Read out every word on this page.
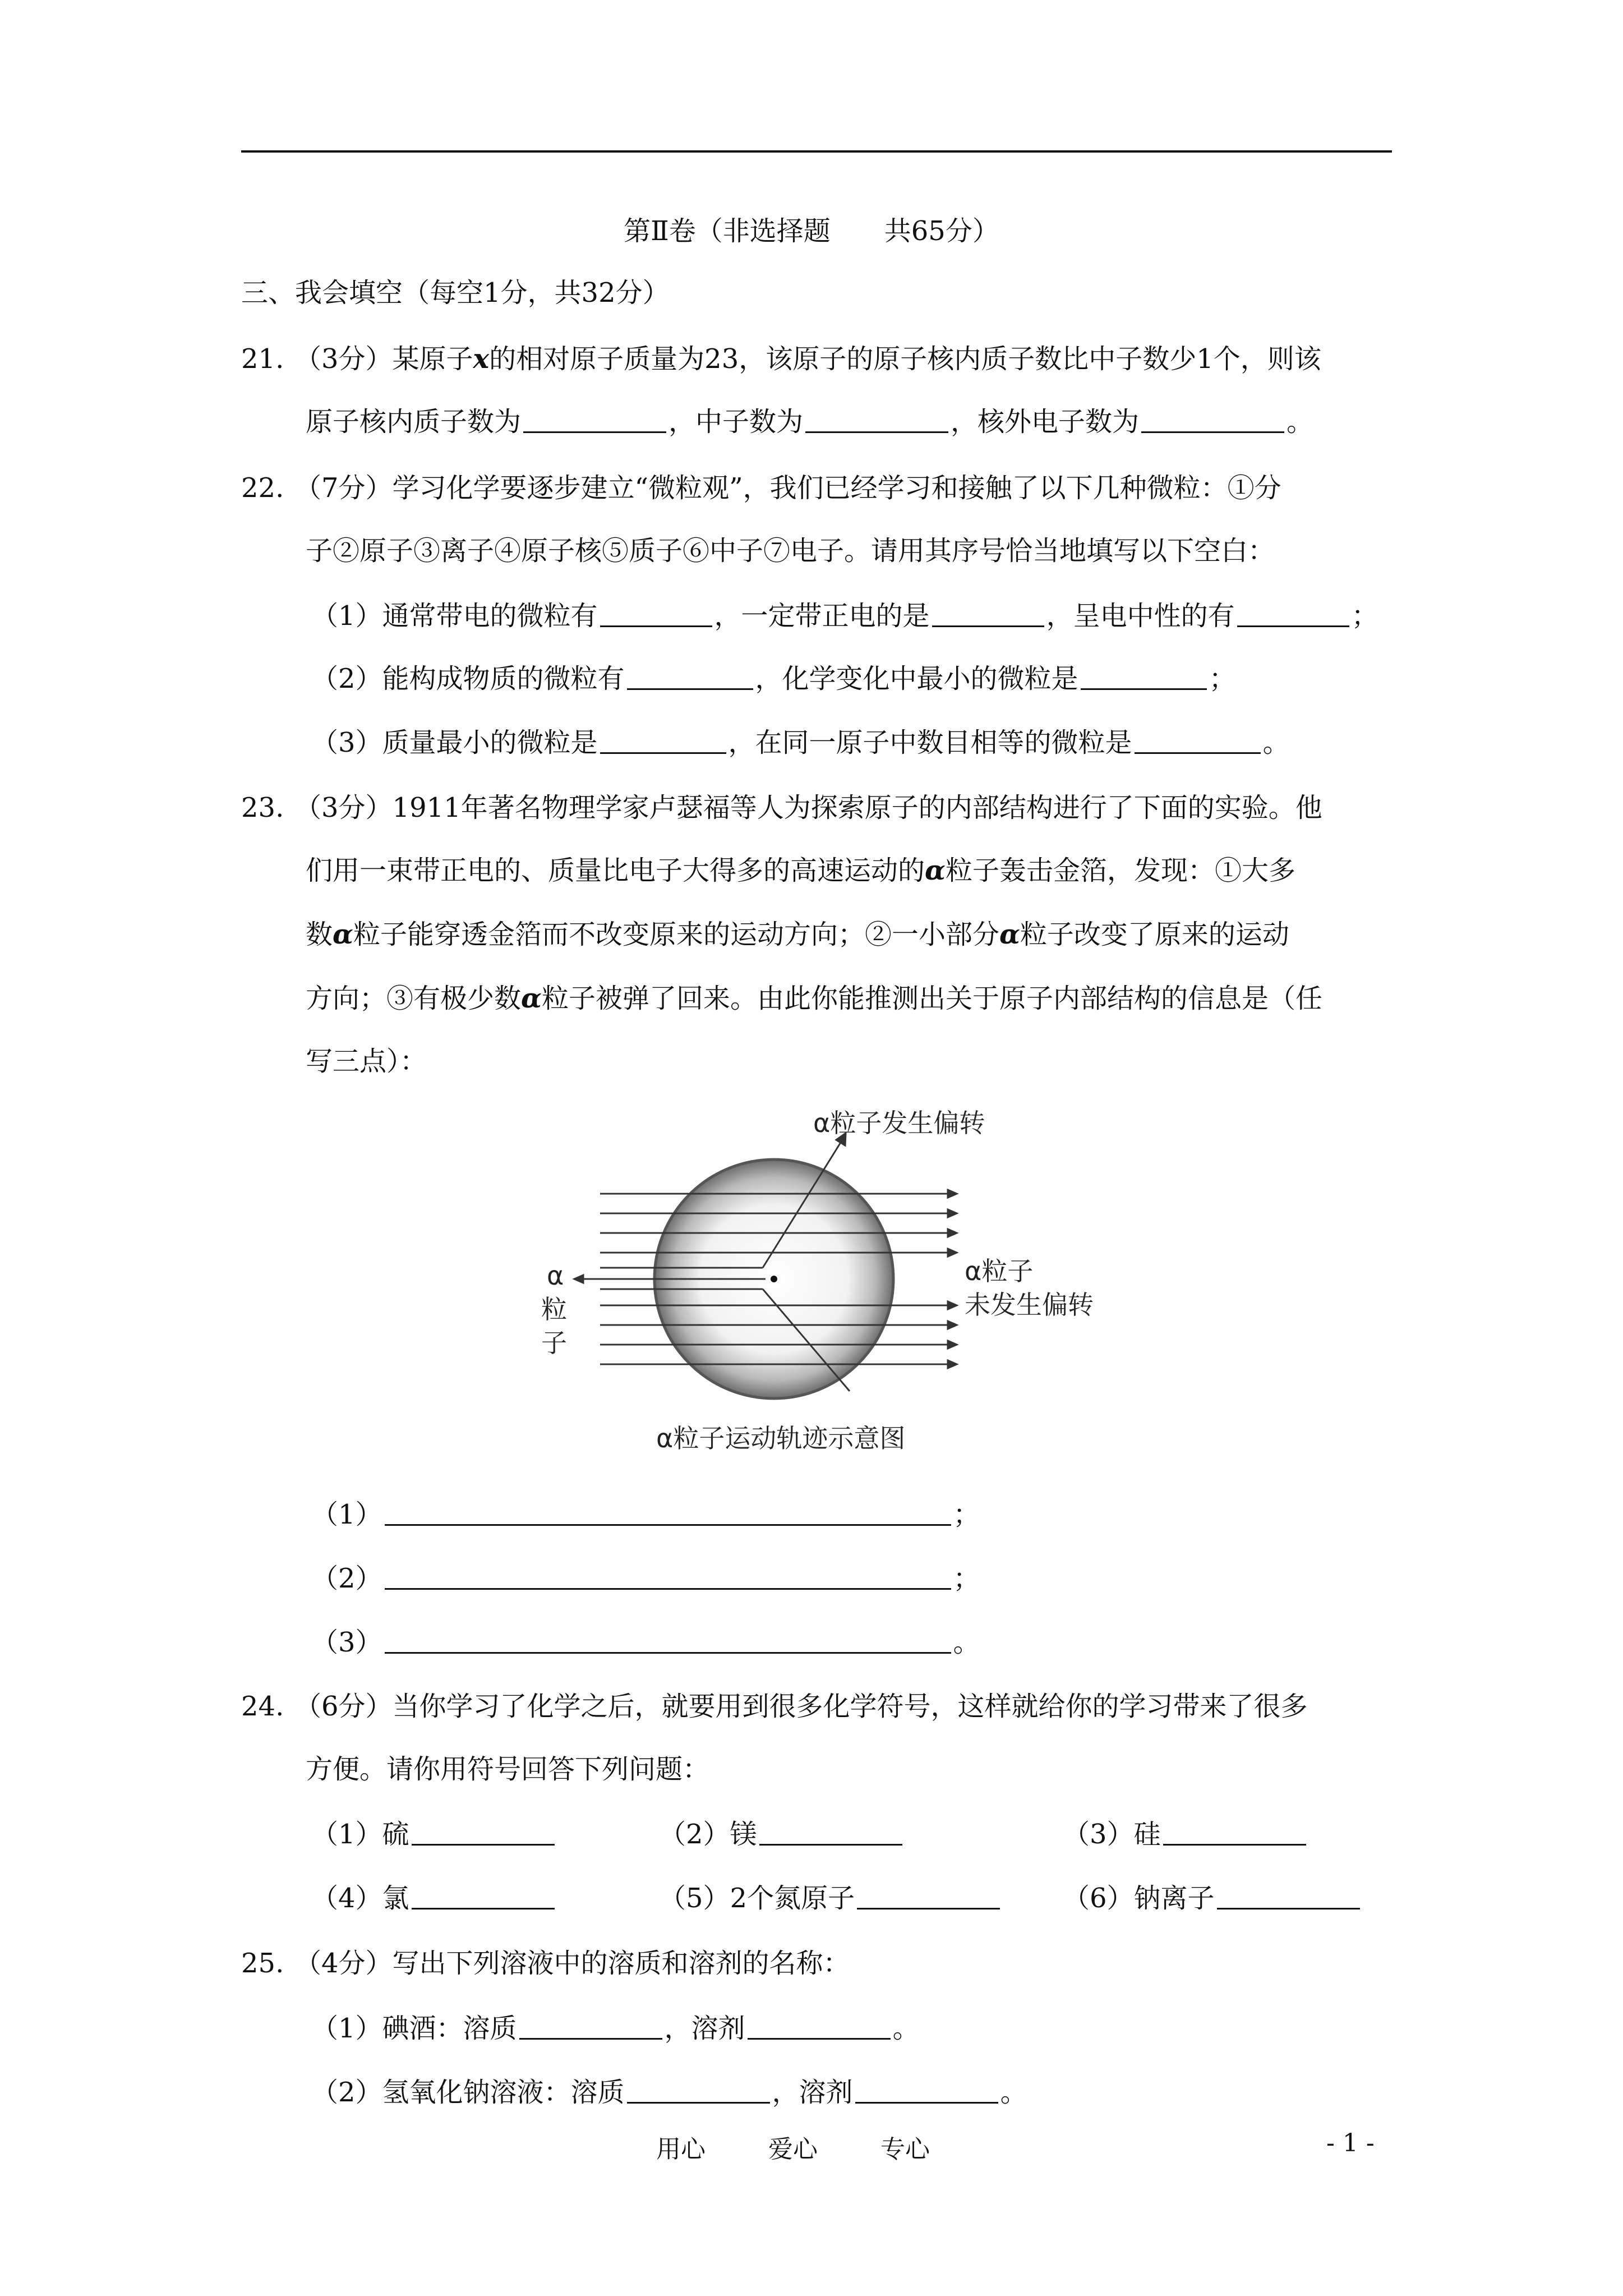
第Ⅱ卷（非选择题　　共65分）
三、我会填空（每空1分，共32分）
21. （3分）某原子x的相对原子质量为23，该原子的原子核内质子数比中子数少1个，则该
原子核内质子数为	，中子数为	，核外电子数为	。
22. （7分）学习化学要逐步建立“微粒观”，我们已经学习和接触了以下几种微粒：①分
子②原子③离子④原子核⑤质子⑥中子⑦电子。请用其序号恰当地填写以下空白：
（1）通常带电的微粒有	，一定带正电的是	，呈电中性的有	；
（2）能构成物质的微粒有	，化学变化中最小的微粒是	；
（3）质量最小的微粒是	，在同一原子中数目相等的微粒是	。
23. （3分）1911年著名物理学家卢瑟福等人为探索原子的内部结构进行了下面的实验。他
们用一束带正电的、质量比电子大得多的高速运动的α粒子轰击金箔，发现：①大多
数α粒子能穿透金箔而不改变原来的运动方向；②一小部分α粒子改变了原来的运动
方向；③有极少数α粒子被弹了回来。由此你能推测出关于原子内部结构的信息是（任
写三点）：
α粒子发生偏转
α粒子
未发生偏转
α
粒
子
α粒子运动轨迹示意图
（1）	；
（2）	；
（3）	。
24. （6分）当你学习了化学之后，就要用到很多化学符号，这样就给你的学习带来了很多
方便。请你用符号回答下列问题：
（1）硫	（2）镁	（3）硅
（4）氯	（5）2个氮原子	（6）钠离子
25. （4分）写出下列溶液中的溶质和溶剂的名称：
（1）碘酒：溶质	，溶剂	。
（2）氢氧化钠溶液：溶质	，溶剂	。
用心	爱心	专心	- 1 -
